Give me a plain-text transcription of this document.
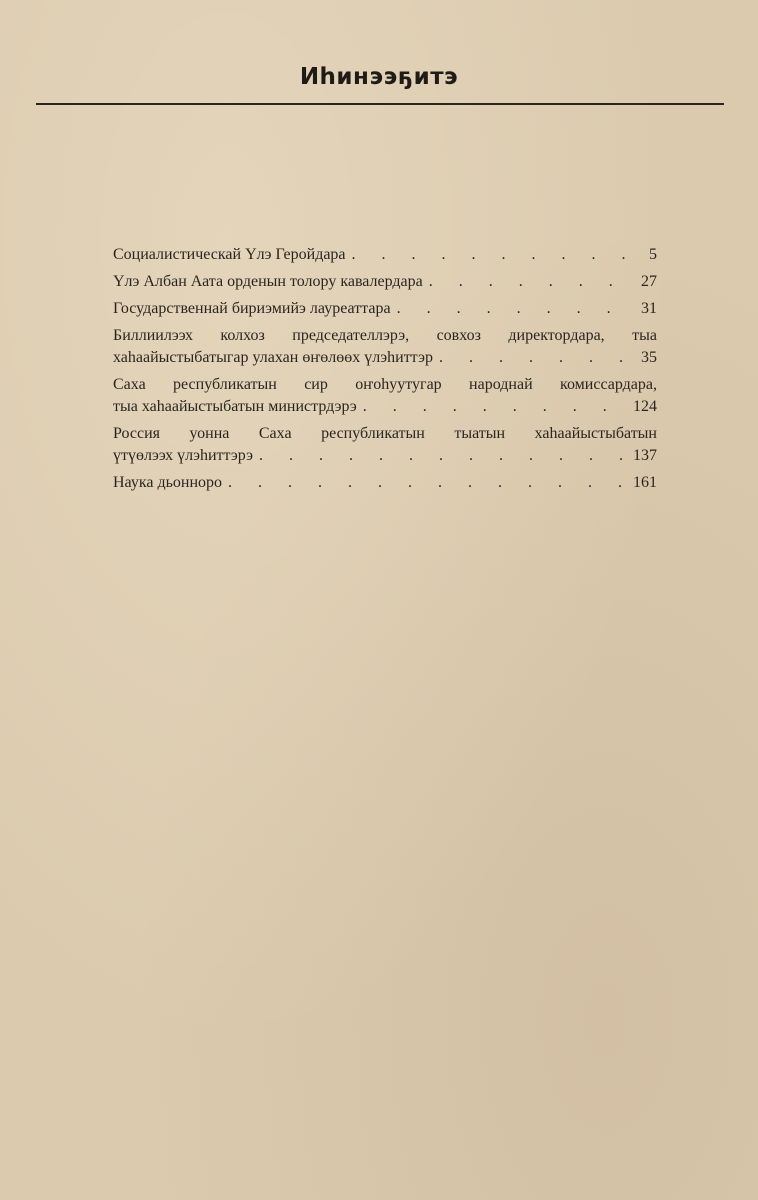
Иһинээҕитэ
Социалистическай Үлэ Геройдара . . .	5
Үлэ Албан Аата орденын толору кавалердара . . .	27
Государственнай бириэмийэ лауреаттара . . .	31
Биллиилээх колхоз председателлэрэ, совхоз директордара, тыа
хаһаайыстыбатыгар улахан өҥөлөөх үлэһиттэр . . .	35
Саха республикатын сир оҥоһуутугар народнай комиссардара,
тыа хаһаайыстыбатын министрдэрэ . . .	124
Россия уонна Саха республикатын тыатын хаһаайыстыбатын
үтүөлээх үлэһиттэрэ . . .	137
Наука дьонноро . . .	161
